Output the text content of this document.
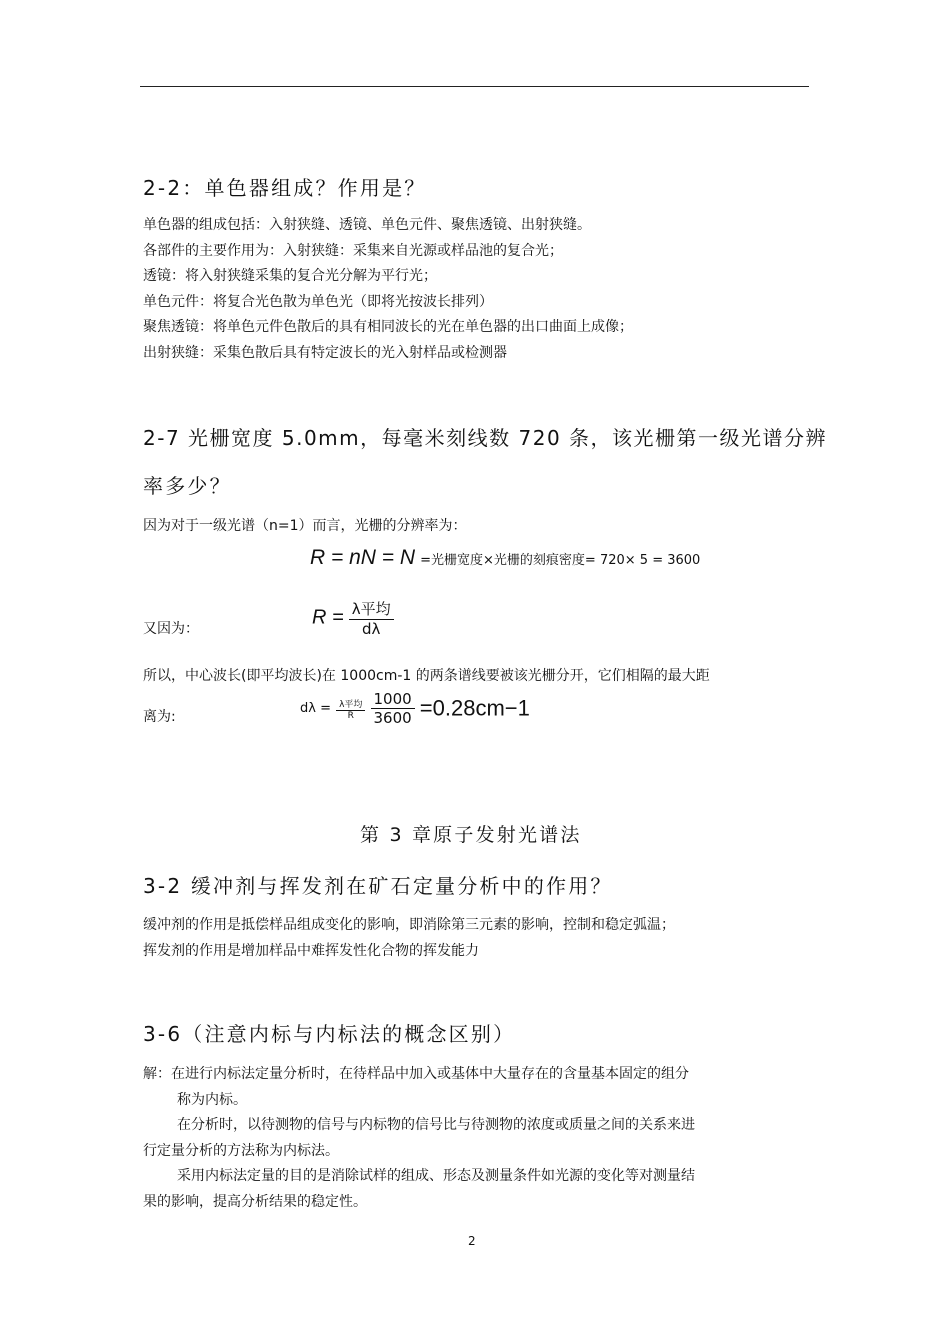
2-2：单色器组成？作用是？
单色器的组成包括：入射狭缝、透镜、单色元件、聚焦透镜、出射狭缝。
各部件的主要作用为：入射狭缝：采集来自光源或样品池的复合光；
透镜：将入射狭缝采集的复合光分解为平行光；
单色元件：将复合光色散为单色光（即将光按波长排列）
聚焦透镜：将单色元件色散后的具有相同波长的光在单色器的出口曲面上成像；
出射狭缝：采集色散后具有特定波长的光入射样品或检测器
2-7 光栅宽度 5.0mm，每毫米刻线数 720 条，该光栅第一级光谱分辨
率多少？
因为对于一级光谱（n=1）而言，光栅的分辨率为：
R = nN = N =光栅宽度×光栅的刻痕密度= 720× 5 = 3600
又因为：
$R = \frac{\text{λ平均}}{d\lambda}$
所以，中心波长(即平均波长)在 1000cm-1 的两条谱线要被该光栅分开，它们相隔的最大距
离为:
$d\lambda = \frac{\text{λ平均}}{R}$
$\frac{1000}{3600} =0.28cm-1$
第 3 章原子发射光谱法
3-2 缓冲剂与挥发剂在矿石定量分析中的作用？
缓冲剂的作用是抵偿样品组成变化的影响，即消除第三元素的影响，控制和稳定弧温；
挥发剂的作用是增加样品中难挥发性化合物的挥发能力
3-6（注意内标与内标法的概念区别）
解：在进行内标法定量分析时，在待样品中加入或基体中大量存在的含量基本固定的组分
称为内标。
在分析时，以待测物的信号与内标物的信号比与待测物的浓度或质量之间的关系来进
行定量分析的方法称为内标法。
采用内标法定量的目的是消除试样的组成、形态及测量条件如光源的变化等对测量结
果的影响，提高分析结果的稳定性。
2
